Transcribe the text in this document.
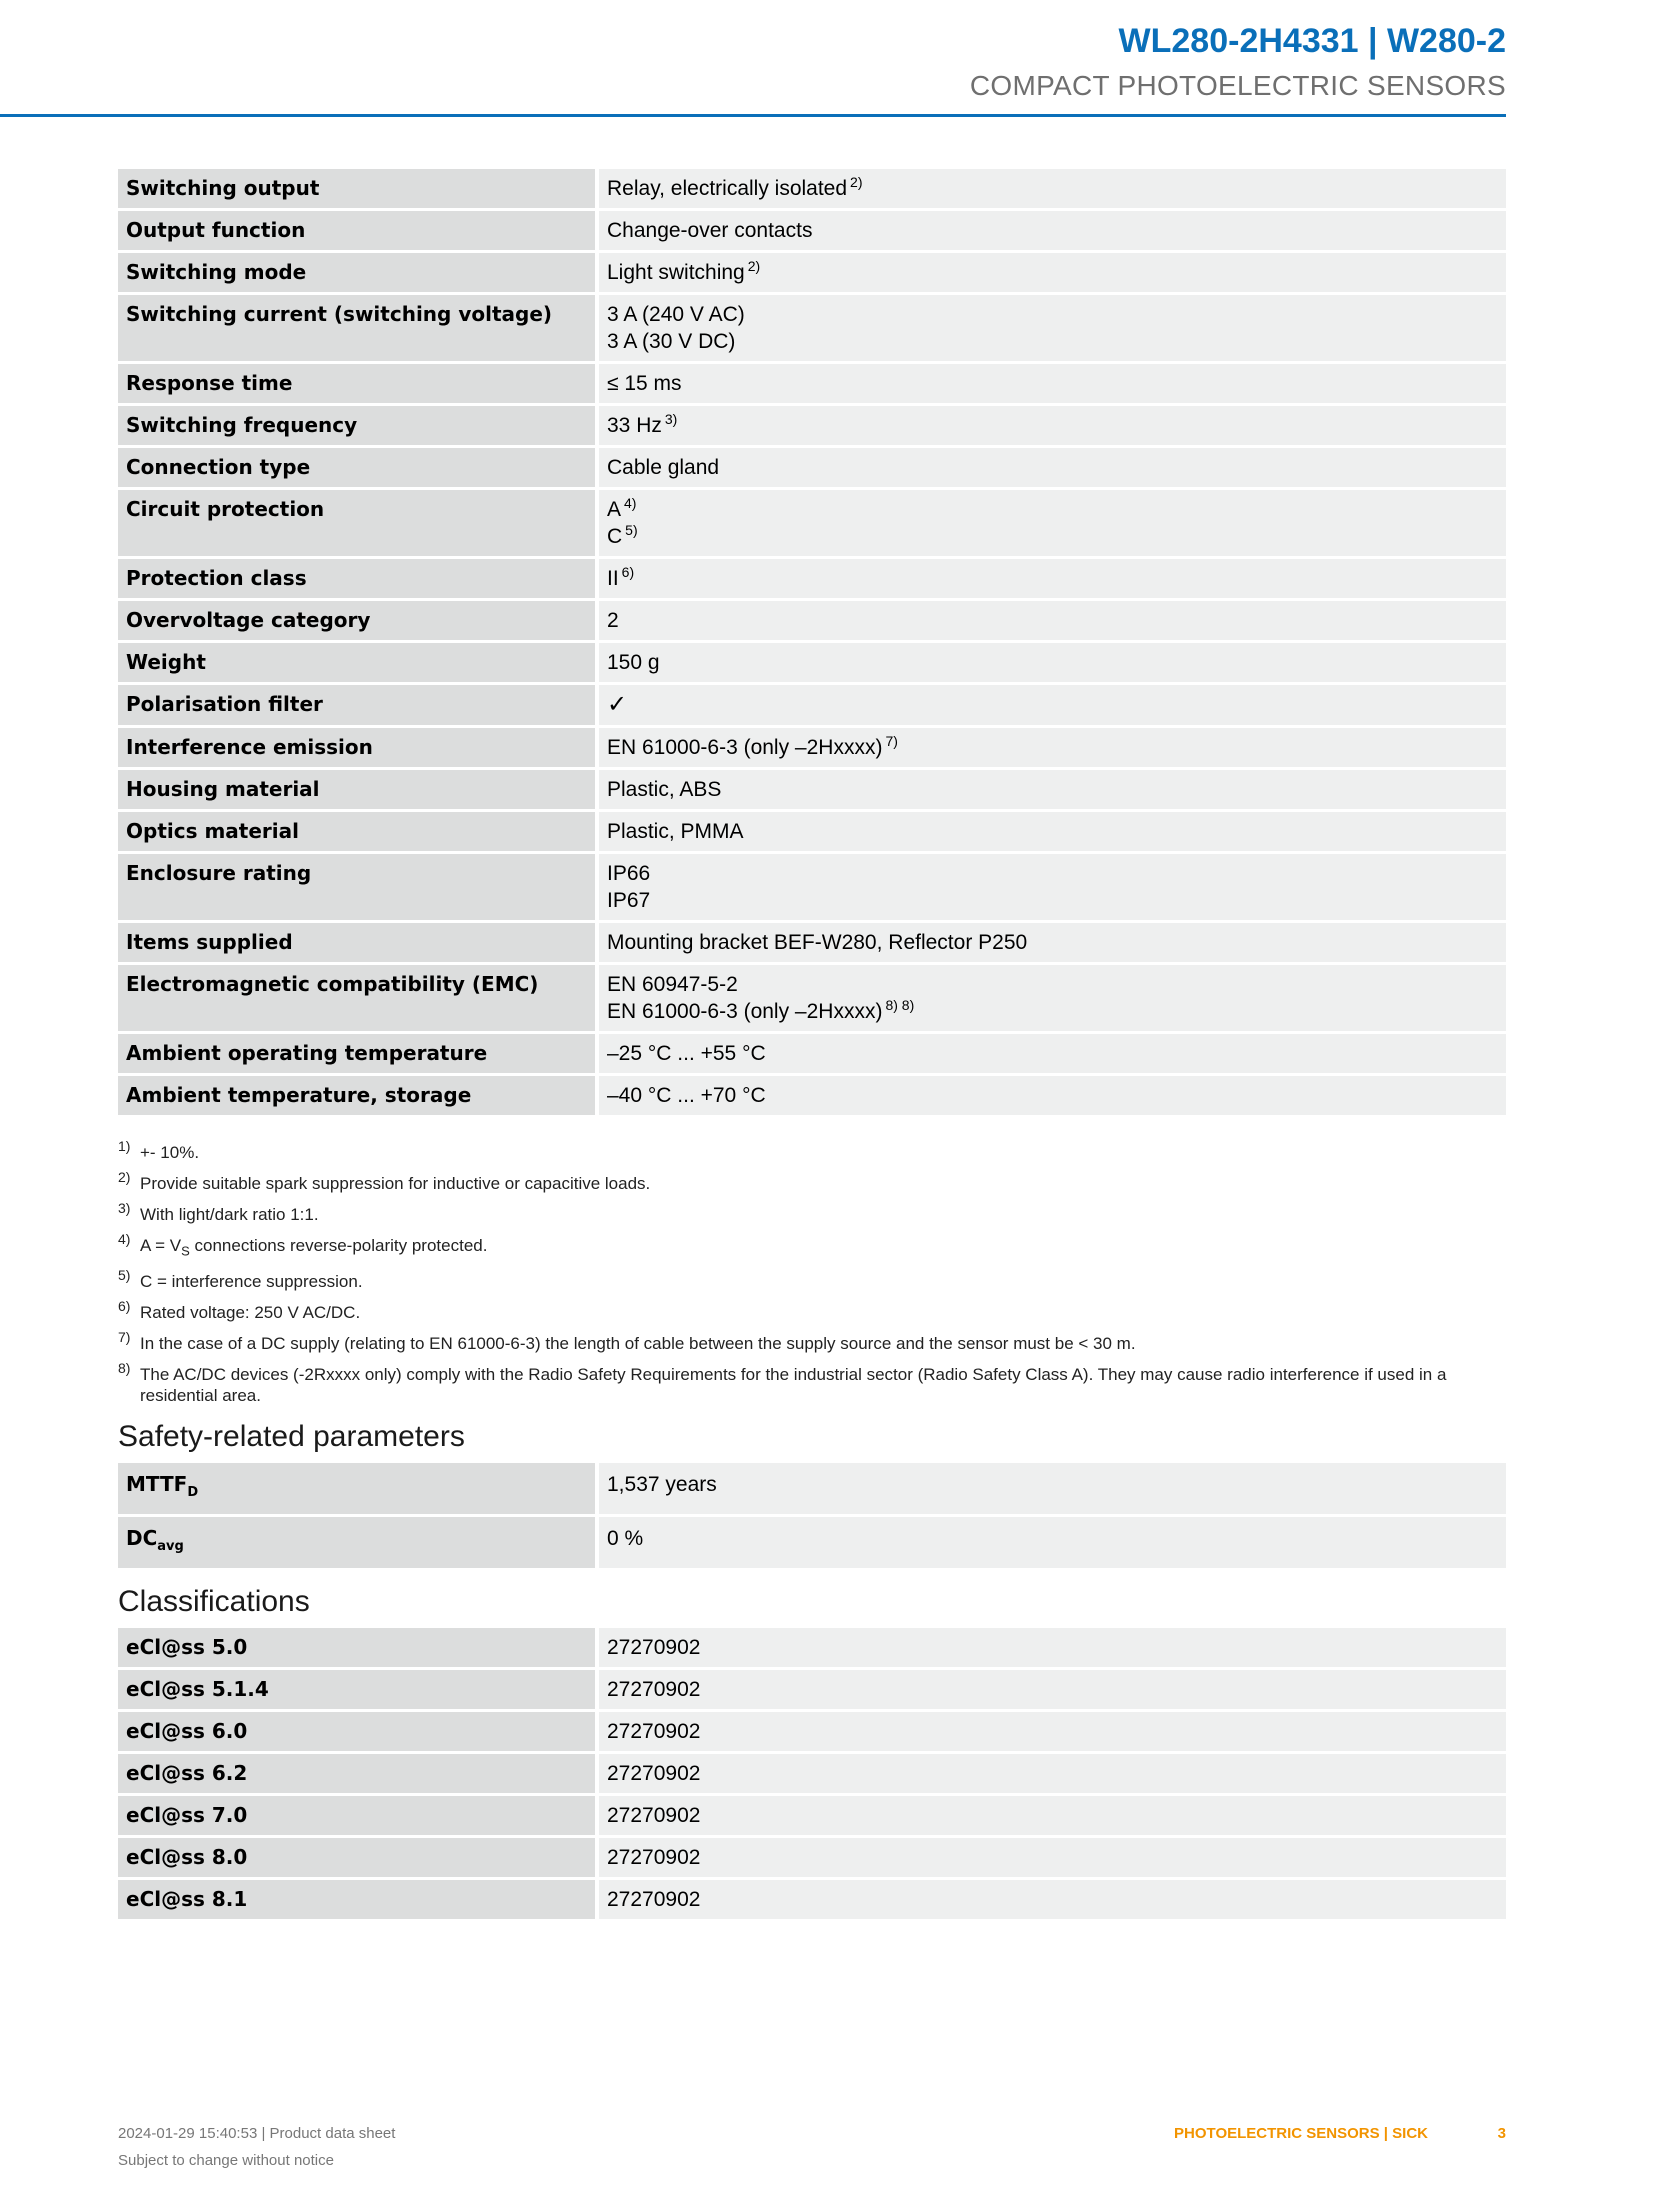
WL280-2H4331 | W280-2
COMPACT PHOTOELECTRIC SENSORS
Switching output	Relay, electrically isolated $^{2)}$

Output function	Change-over contacts

Switching mode	Light switching $^{2)}$

Switching current (switching voltage)	3 A (240 V AC)
3 A (30 V DC)

Response time	≤ 15 ms

Switching frequency	33 Hz $^{3)}$

Connection type	Cable gland

Circuit protection	A $^{4)}$
C $^{5)}$

Protection class	II $^{6)}$

Overvoltage category	2

Weight	150 g

Polarisation filter	✓

Interference emission	EN 61000-6-3 (only –2Hxxxx) $^{7)}$

Housing material	Plastic, ABS

Optics material	Plastic, PMMA

Enclosure rating	IP66
IP67

Items supplied	Mounting bracket BEF-W280, Reflector P250

Electromagnetic compatibility (EMC)	EN 60947-5-2
EN 61000-6-3 (only –2Hxxxx) $^{8) 8)}$

Ambient operating temperature	–25 °C ... +55 °C

Ambient temperature, storage	–40 °C ... +70 °C
1) +- 10%.
2) Provide suitable spark suppression for inductive or capacitive loads.
3) With light/dark ratio 1:1.
4) $A = V_S$ connections reverse-polarity protected.
5) C = interference suppression.
6) Rated voltage: 250 V AC/DC.
7) In the case of a DC supply (relating to EN 61000-6-3) the length of cable between the supply source and the sensor must be < 30 m.
8) The AC/DC devices (-2Rxxxx only) comply with the Radio Safety Requirements for the industrial sector (Radio Safety Class A). They may cause radio interference if used in a residential area.
Safety-related parameters
$MTTF_D$	1,537 years

$DC_{avg}$	0 %
Classifications
eCl@ss 5.0	27270902

eCl@ss 5.1.4	27270902

eCl@ss 6.0	27270902

eCl@ss 6.2	27270902

eCl@ss 7.0	27270902

eCl@ss 8.0	27270902

eCl@ss 8.1	27270902
2024-01-29 15:40:53 | Product data sheet
Subject to change without notice
PHOTOELECTRIC SENSORS | SICK	3
